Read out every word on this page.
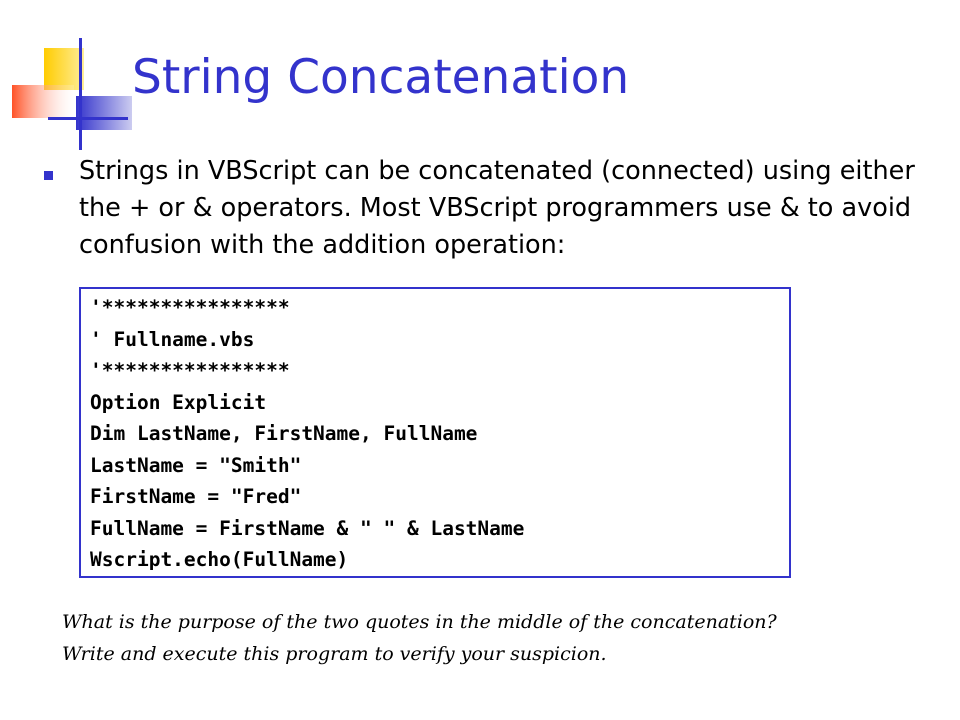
String Concatenation
Strings in VBScript can be concatenated (connected) using either the + or & operators. Most VBScript programmers use & to avoid confusion with the addition operation:
'****************
' Fullname.vbs
'****************
Option Explicit
Dim LastName, FirstName, FullName
LastName = "Smith"
FirstName = "Fred"
FullName = FirstName & " " & LastName
Wscript.echo(FullName)
What is the purpose of the two quotes in the middle of the concatenation?
Write and execute this program to verify your suspicion.
